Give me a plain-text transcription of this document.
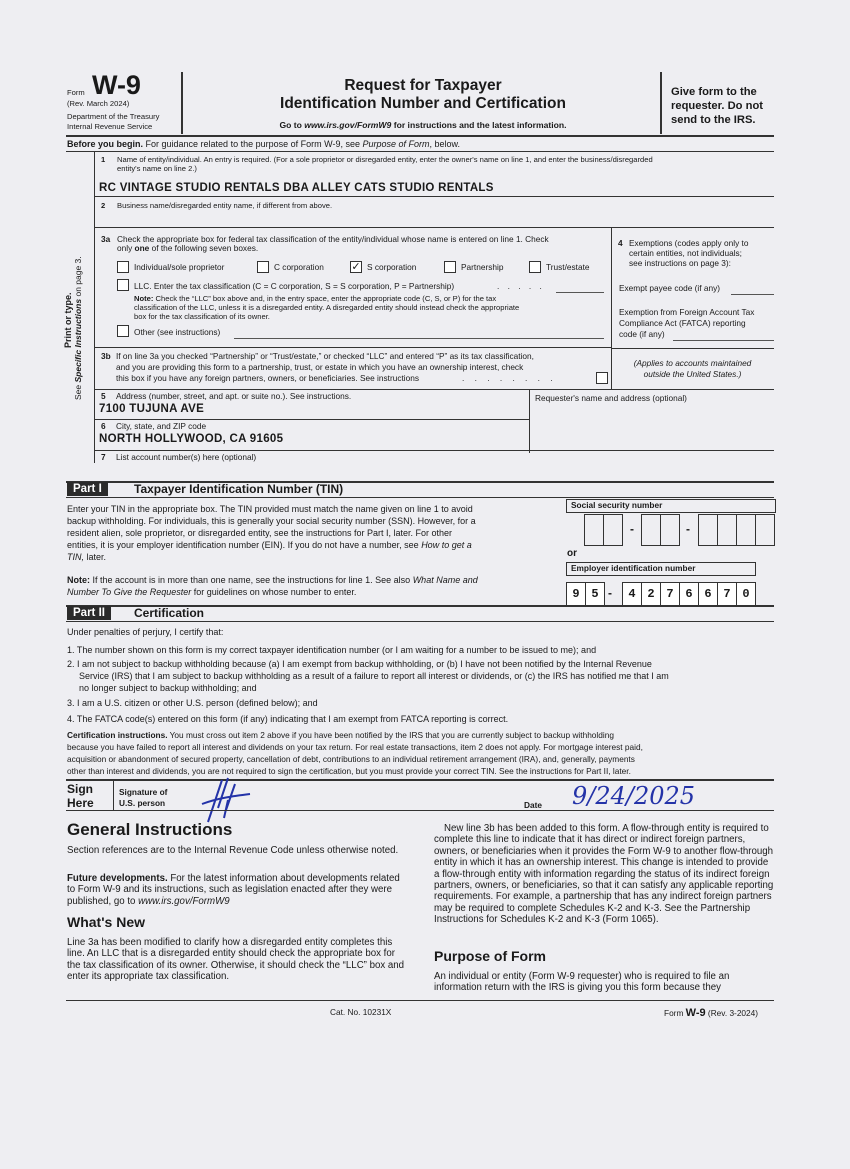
Form W-9
(Rev. March 2024)
Department of the Treasury
Internal Revenue Service
Request for Taxpayer
Identification Number and Certification
Go to www.irs.gov/FormW9 for instructions and the latest information.
Give form to the
requester. Do not
send to the IRS.
Before you begin. For guidance related to the purpose of Form W-9, see Purpose of Form, below.
Print or type.
See Specific Instructions on page 3.
1 Name of entity/individual. An entry is required. (For a sole proprietor or disregarded entity, enter the owner's name on line 1, and enter the business/disregarded
entity's name on line 2.)
RC VINTAGE STUDIO RENTALS DBA ALLEY CATS STUDIO RENTALS
2 Business name/disregarded entity name, if different from above.
3a Check the appropriate box for federal tax classification of the entity/individual whose name is entered on line 1. Check
only one of the following seven boxes.
Individual/sole proprietor	C corporation	✓ S corporation	Partnership	Trust/estate
LLC. Enter the tax classification (C = C corporation, S = S corporation, P = Partnership)	. . . . .
Note: Check the “LLC” box above and, in the entry space, enter the appropriate code (C, S, or P) for the tax
classification of the LLC, unless it is a disregarded entity. A disregarded entity should instead check the appropriate
box for the tax classification of its owner.
Other (see instructions)
4 Exemptions (codes apply only to
certain entities, not individuals;
see instructions on page 3):
Exempt payee code (if any)
Exemption from Foreign Account Tax
Compliance Act (FATCA) reporting
code (if any)
(Applies to accounts maintained
outside the United States.)
3b If on line 3a you checked “Partnership” or “Trust/estate,” or checked “LLC” and entered “P” as its tax classification,
and you are providing this form to a partnership, trust, or estate in which you have an ownership interest, check
this box if you have any foreign partners, owners, or beneficiaries. See instructions	. . . . . . . .
5 Address (number, street, and apt. or suite no.). See instructions.
7100 TUJUNA AVE
Requester's name and address (optional)
6 City, state, and ZIP code
NORTH HOLLYWOOD, CA 91605
7 List account number(s) here (optional)
Part I	Taxpayer Identification Number (TIN)
Enter your TIN in the appropriate box. The TIN provided must match the name given on line 1 to avoid
backup withholding. For individuals, this is generally your social security number (SSN). However, for a
resident alien, sole proprietor, or disregarded entity, see the instructions for Part I, later. For other
entities, it is your employer identification number (EIN). If you do not have a number, see How to get a
TIN, later.
Note: If the account is in more than one name, see the instructions for line 1. See also What Name and
Number To Give the Requester for guidelines on whose number to enter.
Social security number
-	-
or
Employer identification number
9 5 -	4 2 7 6 6 7 0
Part II	Certification
Under penalties of perjury, I certify that:
1. The number shown on this form is my correct taxpayer identification number (or I am waiting for a number to be issued to me); and
2. I am not subject to backup withholding because (a) I am exempt from backup withholding, or (b) I have not been notified by the Internal Revenue
Service (IRS) that I am subject to backup withholding as a result of a failure to report all interest or dividends, or (c) the IRS has notified me that I am
no longer subject to backup withholding; and
3. I am a U.S. citizen or other U.S. person (defined below); and
4. The FATCA code(s) entered on this form (if any) indicating that I am exempt from FATCA reporting is correct.
Certification instructions. You must cross out item 2 above if you have been notified by the IRS that you are currently subject to backup withholding
because you have failed to report all interest and dividends on your tax return. For real estate transactions, item 2 does not apply. For mortgage interest paid,
acquisition or abandonment of secured property, cancellation of debt, contributions to an individual retirement arrangement (IRA), and, generally, payments
other than interest and dividends, you are not required to sign the certification, but you must provide your correct TIN. See the instructions for Part II, later.
Sign
Here
Signature of
U.S. person	Date 9/24/2025
General Instructions
Section references are to the Internal Revenue Code unless otherwise noted.
Future developments. For the latest information about developments related to Form W-9 and its instructions, such as legislation enacted after they were published, go to www.irs.gov/FormW9
What's New
Line 3a has been modified to clarify how a disregarded entity completes this line. An LLC that is a disregarded entity should check the appropriate box for the tax classification of its owner. Otherwise, it should check the “LLC” box and enter its appropriate tax classification.
New line 3b has been added to this form. A flow-through entity is required to complete this line to indicate that it has direct or indirect foreign partners, owners, or beneficiaries when it provides the Form W-9 to another flow-through entity in which it has an ownership interest. This change is intended to provide a flow-through entity with information regarding the status of its indirect foreign partners, owners, or beneficiaries, so that it can satisfy any applicable reporting requirements. For example, a partnership that has any indirect foreign partners may be required to complete Schedules K-2 and K-3. See the Partnership Instructions for Schedules K-2 and K-3 (Form 1065).
Purpose of Form
An individual or entity (Form W-9 requester) who is required to file an information return with the IRS is giving you this form because they
Cat. No. 10231X	Form W-9 (Rev. 3-2024)
